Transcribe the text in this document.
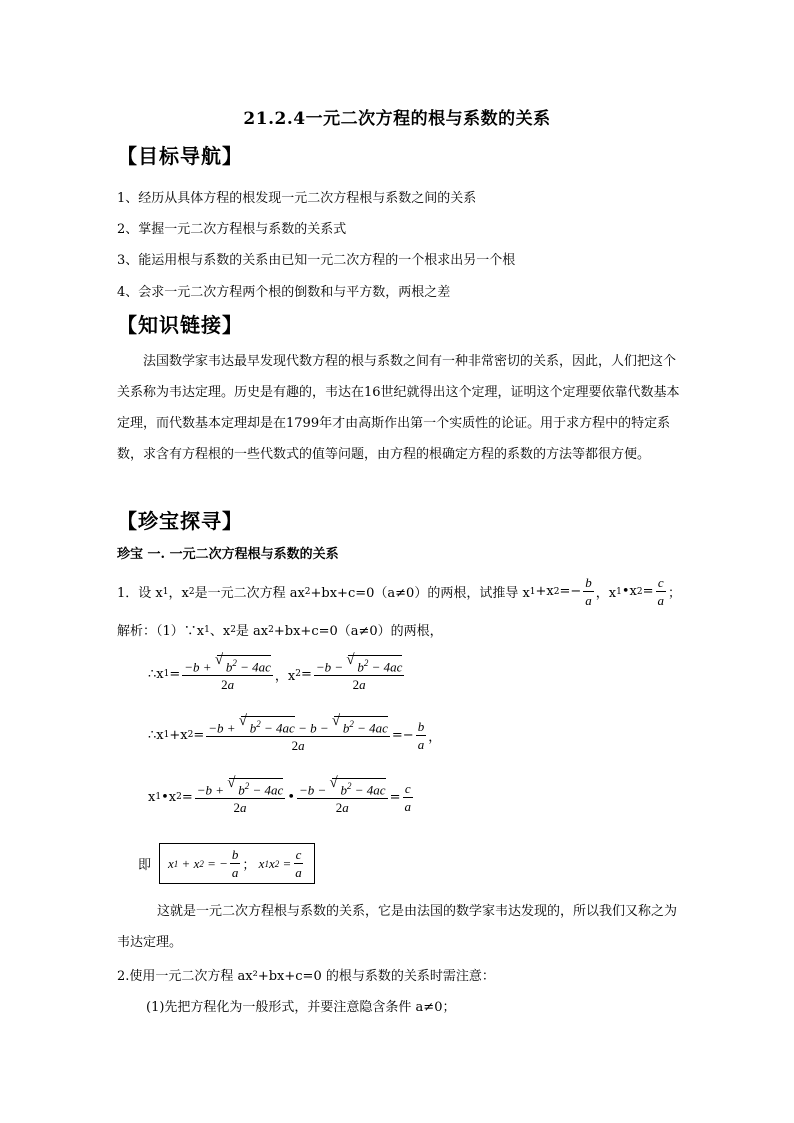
21.2.4一元二次方程的根与系数的关系
【目标导航】
1、经历从具体方程的根发现一元二次方程根与系数之间的关系
2、掌握一元二次方程根与系数的关系式
3、能运用根与系数的关系由已知一元二次方程的一个根求出另一个根
4、会求一元二次方程两个根的倒数和与平方数，两根之差
【知识链接】
法国数学家韦达最早发现代数方程的根与系数之间有一种非常密切的关系，因此，人们把这个关系称为韦达定理。历史是有趣的，韦达在16世纪就得出这个定理，证明这个定理要依靠代数基本定理，而代数基本定理却是在1799年才由高斯作出第一个实质性的论证。用于求方程中的特定系数，求含有方程根的一些代数式的值等问题，由方程的根确定方程的系数的方法等都很方便。
【珍宝探寻】
珍宝 一. 一元二次方程根与系数的关系
1．设 x 1 ，x 2 是一元二次方程 ax 2 +bx+c=0（a≠0）的两根，试推导 x 1 +x $2 =- \frac{b}{a}$ ，x 1 •x $2 = \frac{c}{a}$ ；
解析：（1）∵x 1 、x 2 是 ax 2 +bx+c=0（a≠0）的两根，
∴ x $1 = \frac{-b + √ b^2 - 4ac}{2a}$ ，x $2 = \frac{-b - √ b^2 - 4ac}{2a}$
∴x 1 +x $2 = \frac{-b + √ b^2 - 4ac - b - √ b^2 - 4ac}{2a} =- \frac{b}{a}$ ，
x 1 •x $2 = \frac{-b + √ b^2 - 4ac}{2a}$ • $\frac{-b - √ b^2 - 4ac}{2a} = \frac{c}{a}$
即	x 1 + x 2 = − $\frac{b}{a}$ ； x 1 x $2 = \frac{c}{a}$
这就是一元二次方程根与系数的关系，它是由法国的数学家韦达发现的，所以我们又称之为韦达定理。
2.使用一元二次方程 ax²+bx+c=0 的根与系数的关系时需注意：
(1)先把方程化为一般形式，并要注意隐含条件 a≠0；
